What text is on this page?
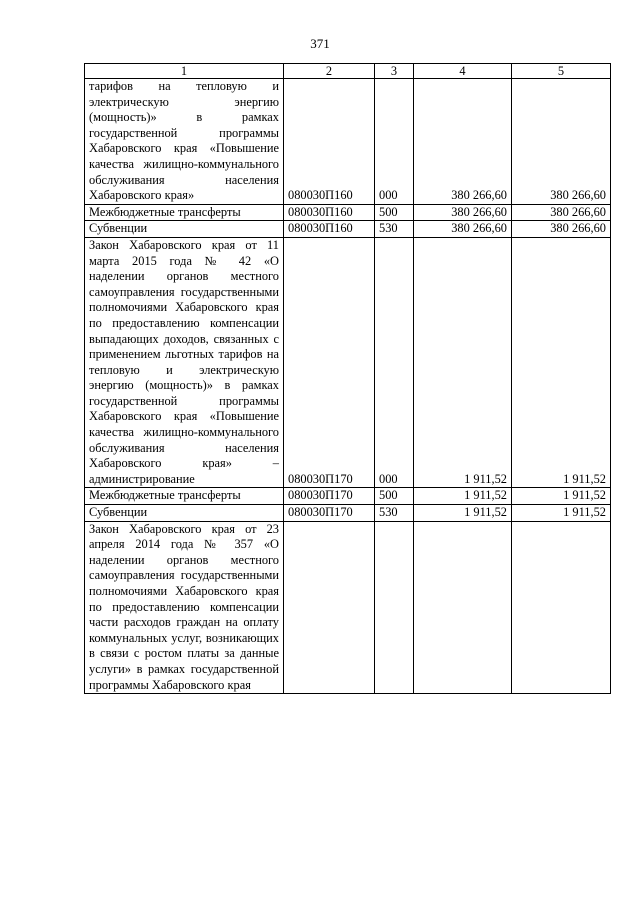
371
1	2	3	4	5
тарифов на тепловую и электрическую энергию (мощность)» в рамках государственной программы Хабаровского края «Повышение качества жилищно-коммунального обслуживания населения Хабаровского края»	080030П160	000	380 266,60	380 266,60
Межбюджетные трансферты	080030П160	500	380 266,60	380 266,60
Субвенции	080030П160	530	380 266,60	380 266,60
Закон Хабаровского края от 11 марта 2015 года № 42 «О наделении органов местного самоуправления государственными полномочиями Хабаровского края по предоставлению компенсации выпадающих доходов, связанных с применением льготных тарифов на тепловую и электрическую энергию (мощность)» в рамках государственной программы Хабаровского края «Повышение качества жилищно-коммунального обслуживания населения Хабаровского края» – администрирование	080030П170	000	1 911,52	1 911,52
Межбюджетные трансферты	080030П170	500	1 911,52	1 911,52
Субвенции	080030П170	530	1 911,52	1 911,52
Закон Хабаровского края от 23 апреля 2014 года № 357 «О наделении органов местного самоуправления государственными полномочиями Хабаровского края по предоставлению компенсации части расходов граждан на оплату коммунальных услуг, возникающих в связи с ростом платы за данные услуги» в рамках государственной программы Хабаровского края				
